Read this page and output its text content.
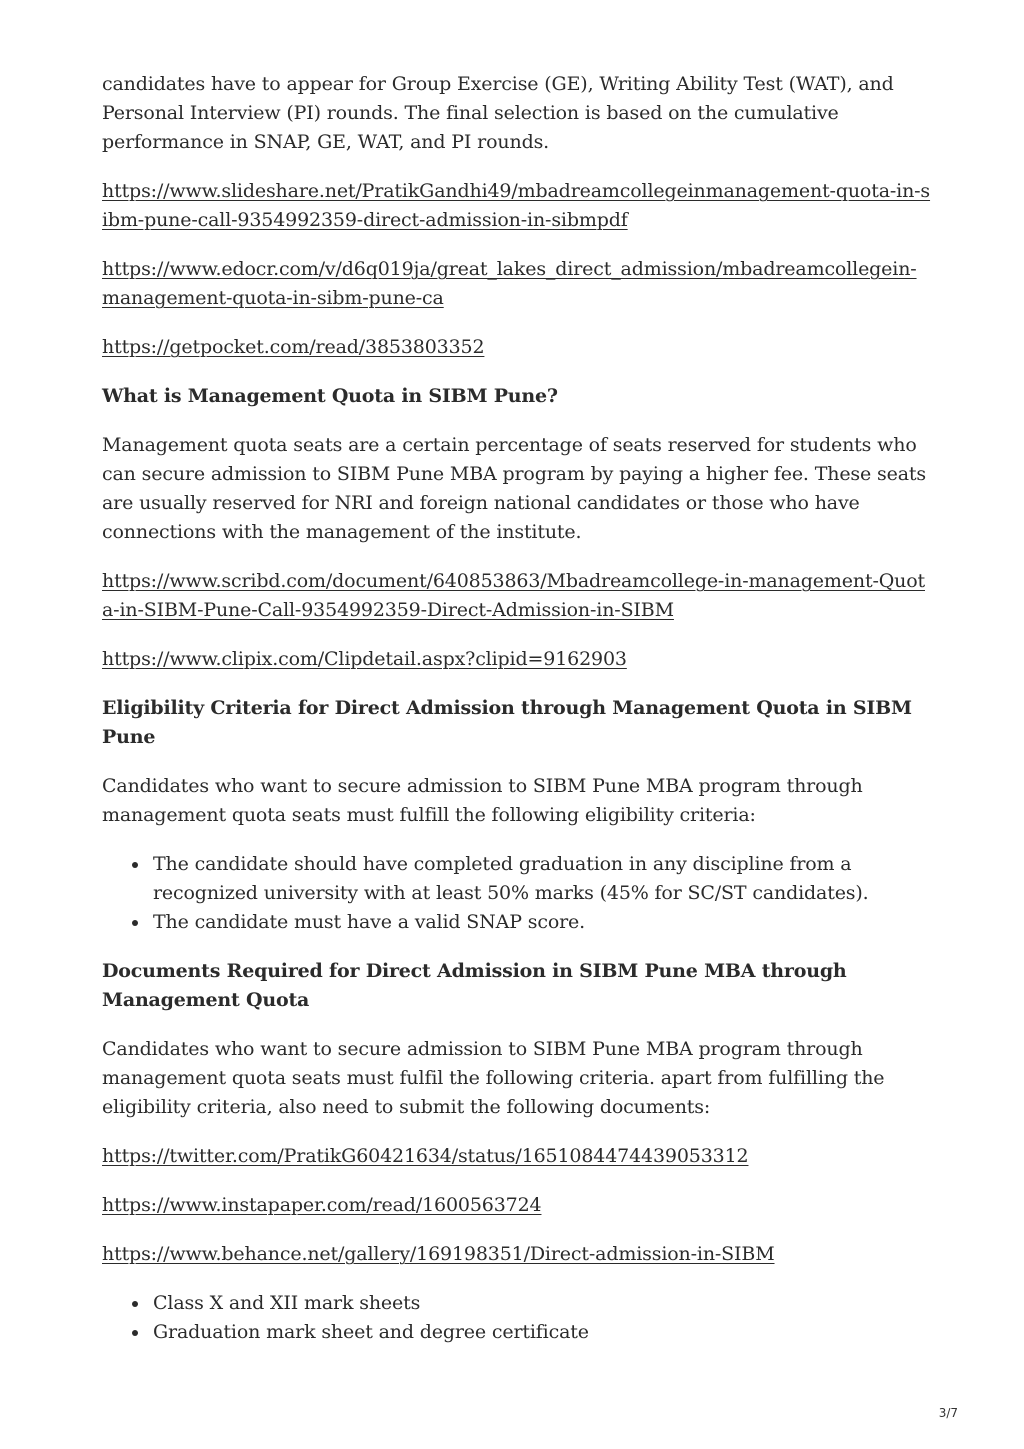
candidates have to appear for Group Exercise (GE), Writing Ability Test (WAT), and Personal Interview (PI) rounds. The final selection is based on the cumulative performance in SNAP, GE, WAT, and PI rounds.

https://www.slideshare.net/PratikGandhi49/mbadreamcollegeinmanagement-quota-in-sibm-pune-call-9354992359-direct-admission-in-sibmpdf
https://www.edocr.com/v/d6q019ja/great_lakes_direct_admission/mbadreamcollegein-management-quota-in-sibm-pune-ca
https://getpocket.com/read/3853803352
What is Management Quota in SIBM Pune?

Management quota seats are a certain percentage of seats reserved for students who can secure admission to SIBM Pune MBA program by paying a higher fee. These seats are usually reserved for NRI and foreign national candidates or those who have connections with the management of the institute.

https://www.scribd.com/document/640853863/Mbadreamcollege-in-management-Quota-in-SIBM-Pune-Call-9354992359-Direct-Admission-in-SIBM
https://www.clipix.com/Clipdetail.aspx?clipid=9162903
Eligibility Criteria for Direct Admission through Management Quota in SIBM Pune

Candidates who want to secure admission to SIBM Pune MBA program through management quota seats must fulfill the following eligibility criteria:

The candidate should have completed graduation in any discipline from a recognized university with at least 50% marks (45% for SC/ST candidates).
The candidate must have a valid SNAP score.
Documents Required for Direct Admission in SIBM Pune MBA through Management Quota

Candidates who want to secure admission to SIBM Pune MBA program through management quota seats must fulfil the following criteria. apart from fulfilling the eligibility criteria, also need to submit the following documents:

https://twitter.com/PratikG60421634/status/1651084474439053312
https://www.instapaper.com/read/1600563724
https://www.behance.net/gallery/169198351/Direct-admission-in-SIBM
Class X and XII mark sheets
Graduation mark sheet and degree certificate
3/7
